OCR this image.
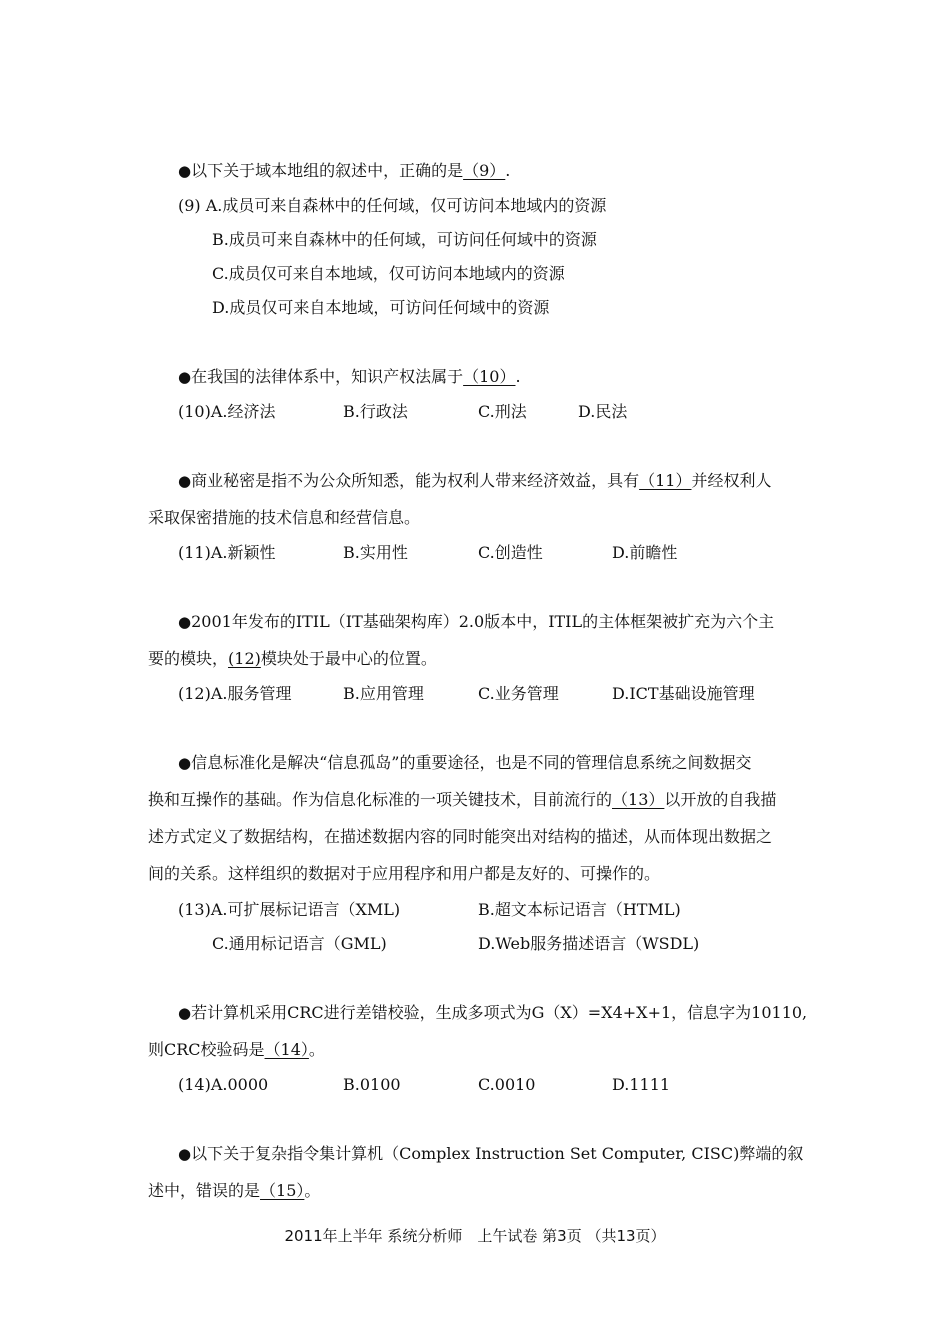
●以下关于域本地组的叙述中，正确的是（9）.
(9) A.成员可来自森林中的任何域，仅可访问本地域内的资源
B.成员可来自森林中的任何域，可访问任何域中的资源
C.成员仅可来自本地域，仅可访问本地域内的资源
D.成员仅可来自本地域，可访问任何域中的资源
●在我国的法律体系中，知识产权法属于（10）.
(10)A.经济法	B.行政法	C.刑法	D.民法
●商业秘密是指不为公众所知悉，能为权利人带来经济效益，具有（11）并经权利人
采取保密措施的技术信息和经营信息。
(11)A.新颖性	B.实用性	C.创造性	D.前瞻性
●2001年发布的ITIL（IT基础架构库）2.0版本中，ITIL的主体框架被扩充为六个主
要的模块，(12)模块处于最中心的位置。
(12)A.服务管理	B.应用管理	C.业务管理	D.ICT基础设施管理
●信息标准化是解决“信息孤岛”的重要途径，也是不同的管理信息系统之间数据交
换和互操作的基础。作为信息化标准的一项关键技术，目前流行的（13）以开放的自我描
述方式定义了数据结构，在描述数据内容的同时能突出对结构的描述，从而体现出数据之
间的关系。这样组织的数据对于应用程序和用户都是友好的、可操作的。
(13)A.可扩展标记语言（XML)	B.超文本标记语言（HTML)
C.通用标记语言（GML)	D.Web服务描述语言（WSDL)
●若计算机采用CRC进行差错校验，生成多项式为G（X）=X4+X+1，信息字为10110,
则CRC校验码是（14）。
(14)A.0000	B.0100	C.0010	D.1111
●以下关于复杂指令集计算机（Complex Instruction Set Computer, CISC)弊端的叙
述中，错误的是（15）。
2011年上半年 系统分析师　上午试卷 第3页 （共13页）
